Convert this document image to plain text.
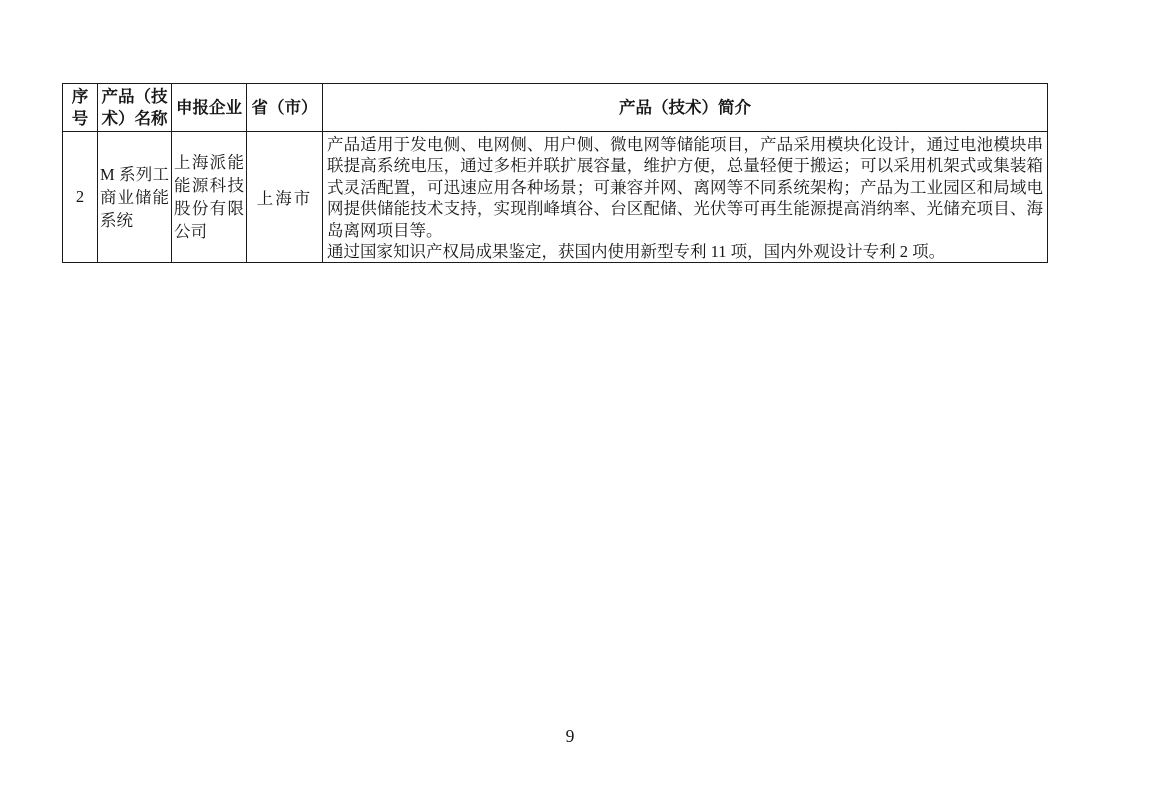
序号	产品（技术）名称	申报企业	省（市）	产品（技术）简介
2	M 系列工商业储能系统	上海派能能源科技股份有限公司	上海市	产品适用于发电侧、电网侧、用户侧、微电网等储能项目，产品采用模块化设计，通过电池模块串联提高系统电压，通过多柜并联扩展容量，维护方便，总量轻便于搬运；可以采用机架式或集装箱式灵活配置，可迅速应用各种场景；可兼容并网、离网等不同系统架构；产品为工业园区和局域电网提供储能技术支持，实现削峰填谷、台区配储、光伏等可再生能源提高消纳率、光储充项目、海岛离网项目等。

通过国家知识产权局成果鉴定，获国内使用新型专利 11 项，国内外观设计专利 2 项。

9
